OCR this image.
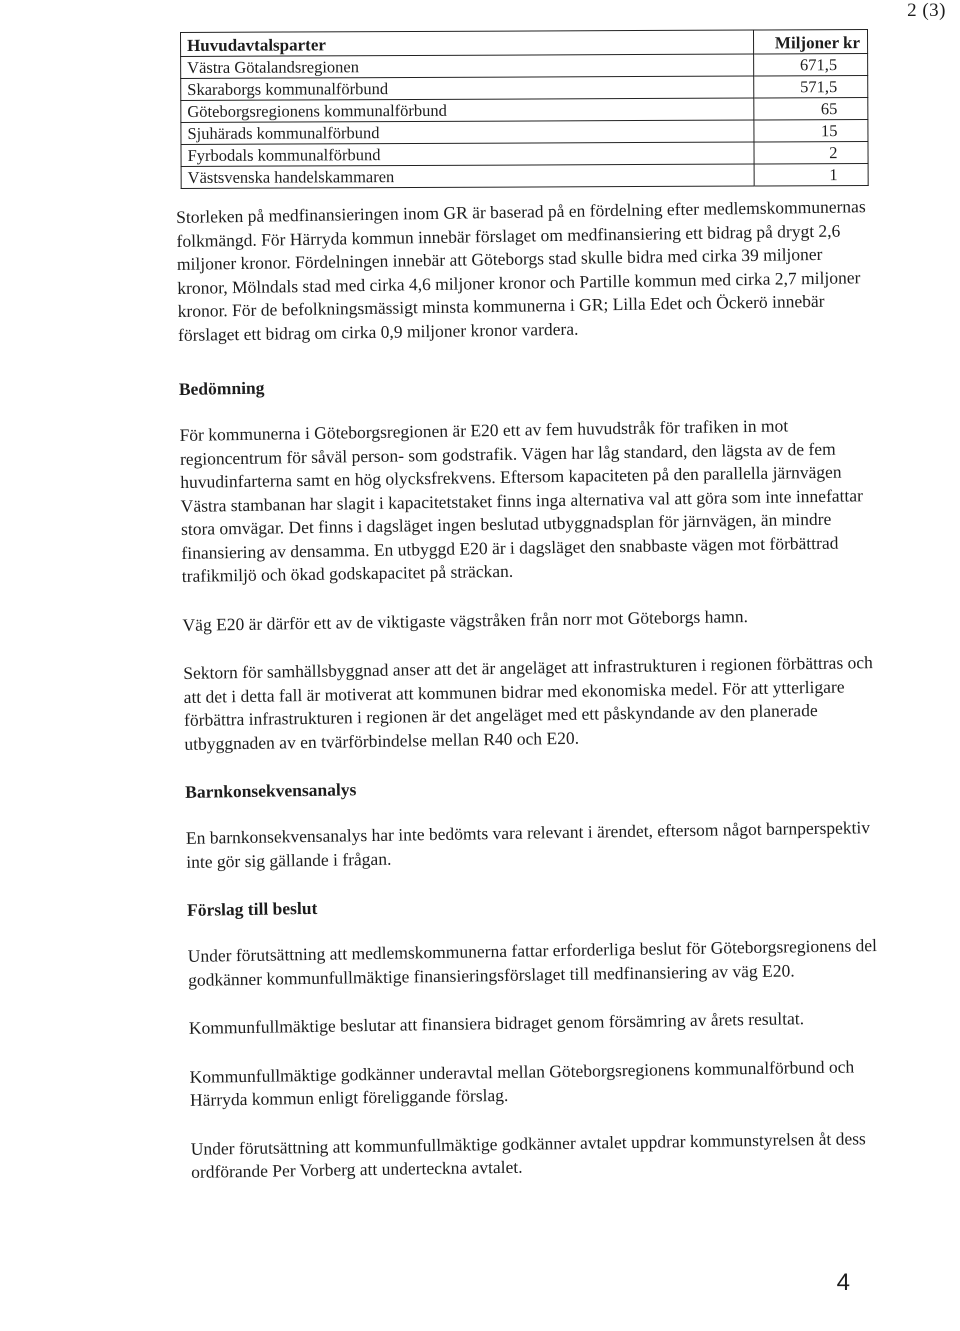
2 (3)
Huvudavtalsparter	Miljoner kr
Västra Götalandsregionen	671,5
Skaraborgs kommunalförbund	571,5
Göteborgsregionens kommunalförbund	65
Sjuhärads kommunalförbund	15
Fyrbodals kommunalförbund	2
Västsvenska handelskammaren	1

Storleken på medfinansieringen inom GR är baserad på en fördelning efter medlemskommunernas folkmängd. För Härryda kommun innebär förslaget om medfinansiering ett bidrag på drygt 2,6 miljoner kronor. Fördelningen innebär att Göteborgs stad skulle bidra med cirka 39 miljoner kronor, Mölndals stad med cirka 4,6 miljoner kronor och Partille kommun med cirka 2,7 miljoner kronor. För de befolkningsmässigt minsta kommunerna i GR; Lilla Edet och Öckerö innebär förslaget ett bidrag om cirka 0,9 miljoner kronor vardera.

Bedömning

För kommunerna i Göteborgsregionen är E20 ett av fem huvudstråk för trafiken in mot regioncentrum för såväl person- som godstrafik. Vägen har låg standard, den lägsta av de fem huvudinfarterna samt en hög olycksfrekvens. Eftersom kapaciteten på den parallella järnvägen Västra stambanan har slagit i kapacitetstaket finns inga alternativa val att göra som inte innefattar stora omvägar. Det finns i dagsläget ingen beslutad utbyggnadsplan för järnvägen, än mindre finansiering av densamma. En utbyggd E20 är i dagsläget den snabbaste vägen mot förbättrad trafikmiljö och ökad godskapacitet på sträckan.

Väg E20 är därför ett av de viktigaste vägstråken från norr mot Göteborgs hamn.

Sektorn för samhällsbyggnad anser att det är angeläget att infrastrukturen i regionen förbättras och att det i detta fall är motiverat att kommunen bidrar med ekonomiska medel. För att ytterligare förbättra infrastrukturen i regionen är det angeläget med ett påskyndande av den planerade utbyggnaden av en tvärförbindelse mellan R40 och E20.

Barnkonsekvensanalys

En barnkonsekvensanalys har inte bedömts vara relevant i ärendet, eftersom något barnperspektiv inte gör sig gällande i frågan.

Förslag till beslut

Under förutsättning att medlemskommunerna fattar erforderliga beslut för Göteborgsregionens del godkänner kommunfullmäktige finansieringsförslaget till medfinansiering av väg E20.

Kommunfullmäktige beslutar att finansiera bidraget genom försämring av årets resultat.

Kommunfullmäktige godkänner underavtal mellan Göteborgsregionens kommunalförbund och Härryda kommun enligt föreliggande förslag.

Under förutsättning att kommunfullmäktige godkänner avtalet uppdrar kommunstyrelsen åt dess ordförande Per Vorberg att underteckna avtalet.

4
